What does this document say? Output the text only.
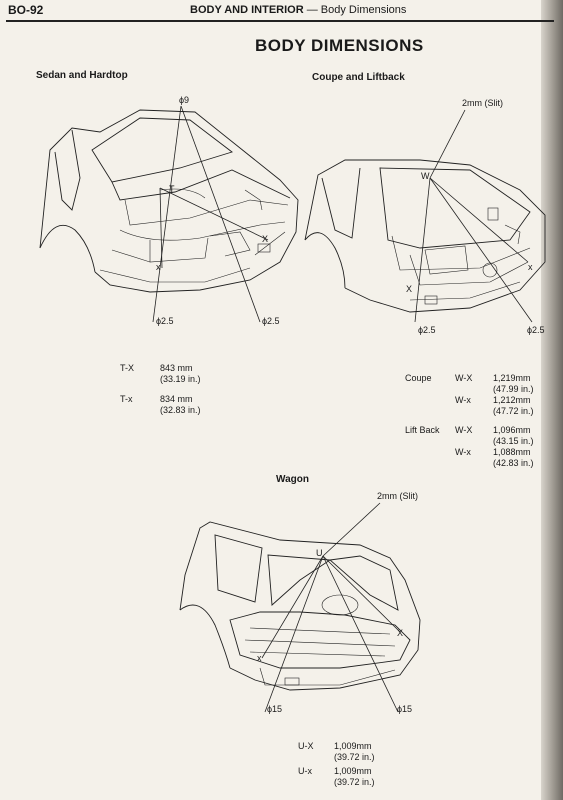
BO-92	BODY AND INTERIOR — Body Dimensions
BODY DIMENSIONS
Sedan and Hardtop
ϕ9
T
X
x
ϕ2.5	ϕ2.5
T-X	843 mm
(33.19 in.)
T-x	834 mm
(32.83 in.)
Coupe and Liftback
2mm (Slit)
W
X
x
ϕ2.5	ϕ2.5
Coupe	W-X 1,219mm
(47.99 in.)
W-x 1,212mm
(47.72 in.)
Lift Back W-X 1,096mm
(43.15 in.)
W-x 1,088mm
(42.83 in.)
Wagon
2mm (Slit)
U
X
x
ϕ15	ϕ15
U-X 1,009mm
(39.72 in.)
U-x 1,009mm
(39.72 in.)
